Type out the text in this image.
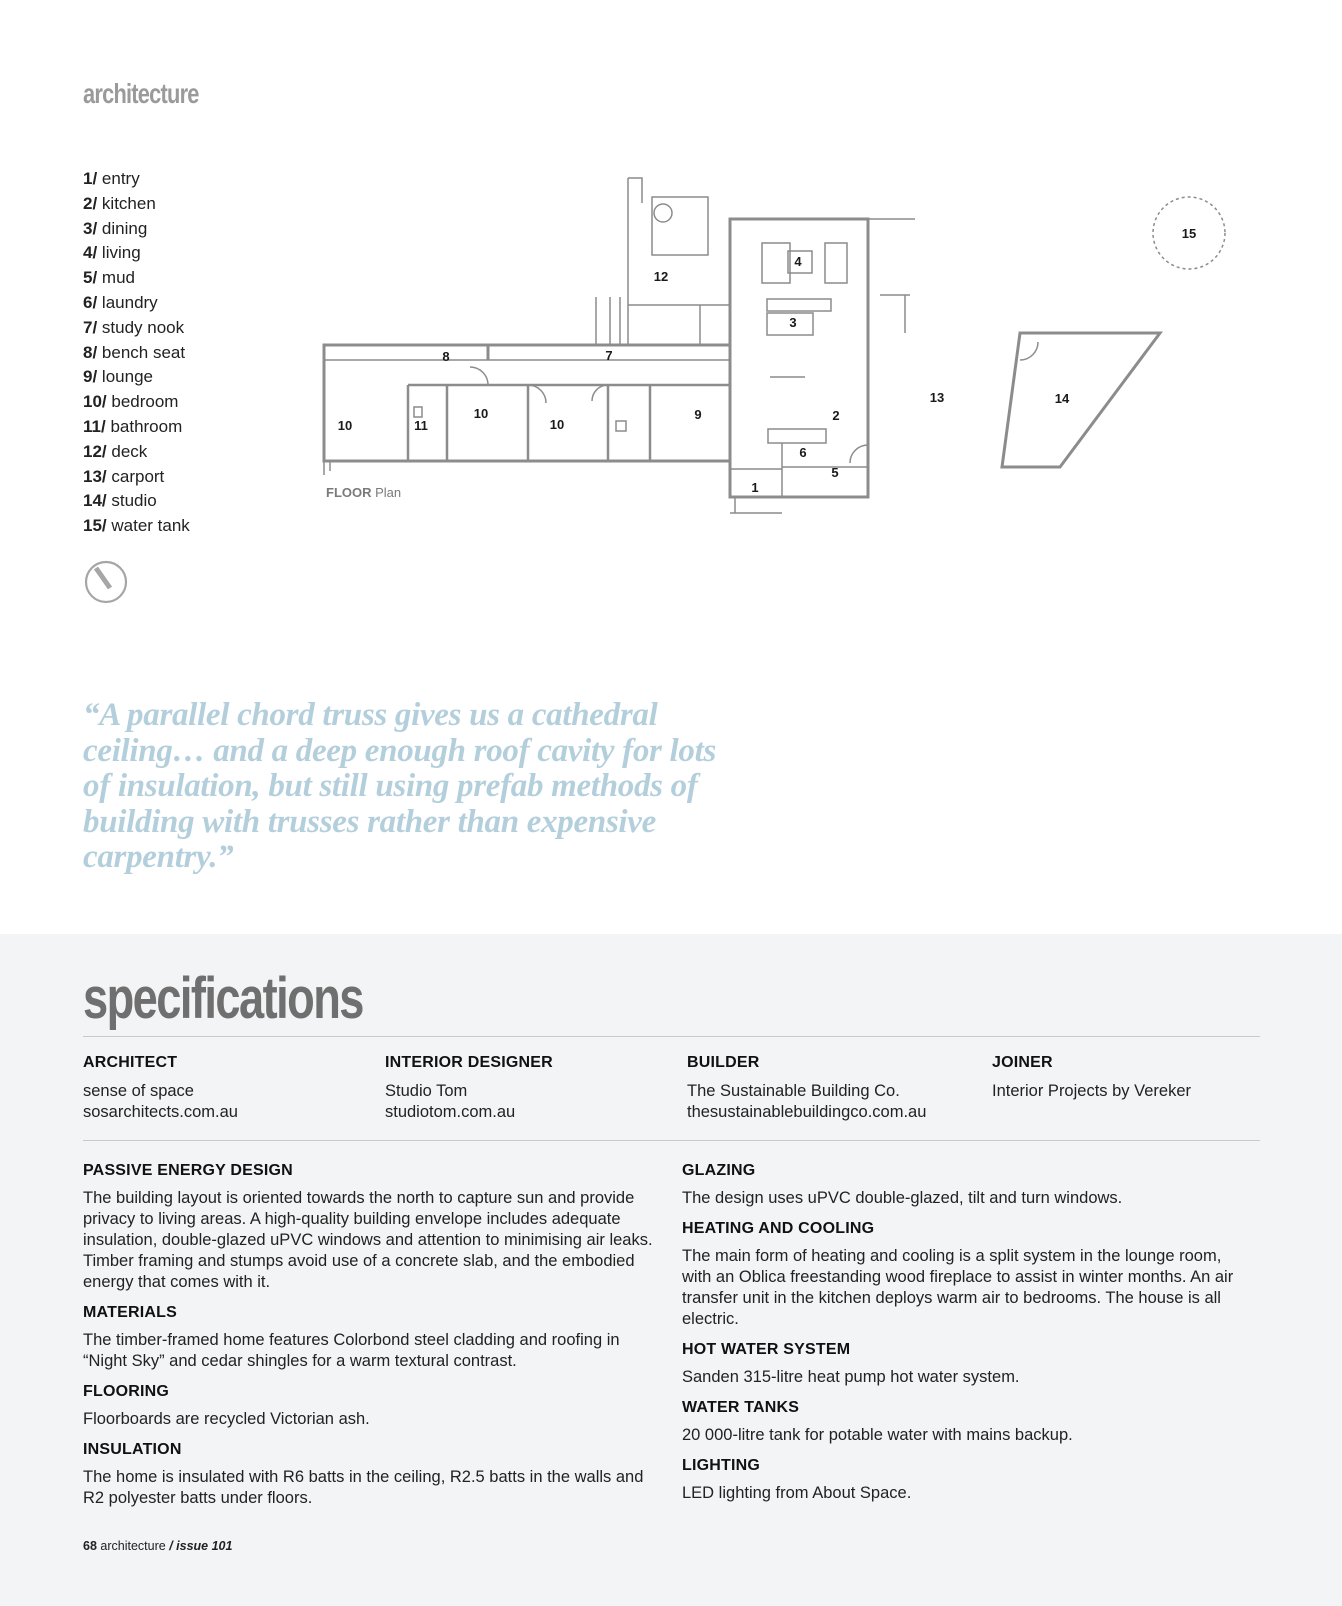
architecture
1/ entry
2/ kitchen
3/ dining
4/ living
5/ mud
6/ laundry
7/ study nook
8/ bench seat
9/ lounge
10/ bedroom
11/ bathroom
12/ deck
13/ carport
14/ studio
15/ water tank
1
2
3
4
5
6
7
8
9
10
10
10
11
12
13	14
15
FLOOR Plan

“A parallel chord truss gives us a cathedral ceiling… and a deep enough roof cavity for lots of insulation, but still using prefab methods of building with trusses rather than expensive carpentry.”

specifications
ARCHITECT

sense of space

sosarchitects.com.au

INTERIOR DESIGNER

Studio Tom

studiotom.com.au

BUILDER

The Sustainable Building Co.

thesustainablebuildingco.com.au

JOINER

Interior Projects by Vereker

PASSIVE ENERGY DESIGN

The building layout is oriented towards the north to capture sun and provide privacy to living areas. A high-quality building envelope includes adequate insulation, double-glazed uPVC windows and attention to minimising air leaks. Timber framing and stumps avoid use of a concrete slab, and the embodied energy that comes with it.

MATERIALS

The timber-framed home features Colorbond steel cladding and roofing in “Night Sky” and cedar shingles for a warm textural contrast.

FLOORING

Floorboards are recycled Victorian ash.

INSULATION

The home is insulated with R6 batts in the ceiling, R2.5 batts in the walls and R2 polyester batts under floors.

GLAZING

The design uses uPVC double-glazed, tilt and turn windows.

HEATING AND COOLING

The main form of heating and cooling is a split system in the lounge room, with an Oblica freestanding wood fireplace to assist in winter months. An air transfer unit in the kitchen deploys warm air to bedrooms. The house is all electric.

HOT WATER SYSTEM

Sanden 315-litre heat pump hot water system.

WATER TANKS

20 000-litre tank for potable water with mains backup.

LIGHTING

LED lighting from About Space.

68 architecture / issue 101
